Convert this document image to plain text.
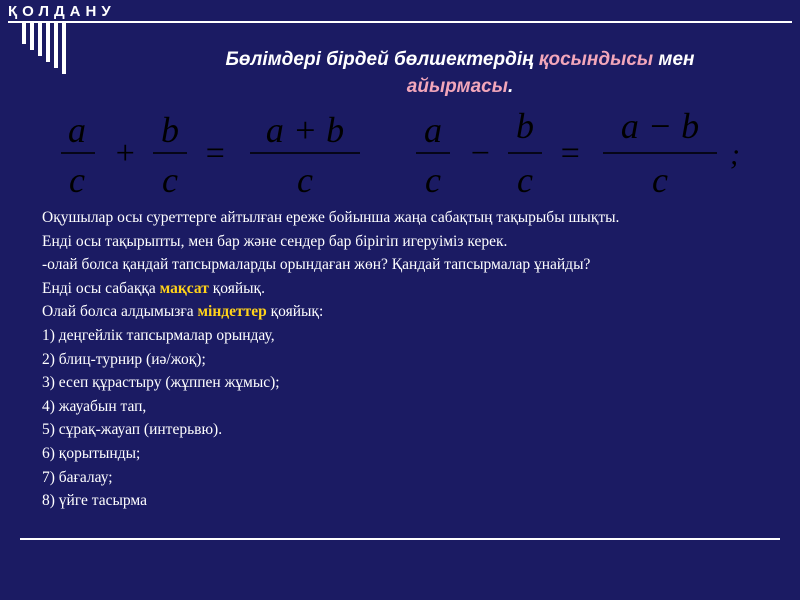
ҚОЛДАНУ
Бөлімдері бірдей бөлшектердің қосындысы мен
айырмасы.
a
c
+
b
c
=
a + b
c
a
c
−
b
c
=
a − b
c
;
Оқушылар осы суреттерге айтылған ереже бойынша жаңа сабақтың тақырыбы шықты.
Енді осы тақырыпты, мен бар және сендер бар бірігіп игеруіміз керек.
-олай болса қандай тапсырмаларды орындаған жөн? Қандай тапсырмалар ұнайды?
Енді осы сабаққа мақсат қояйық.
Олай болса алдымызға міндеттер қояйық:
1) деңгейлік тапсырмалар орындау,
2) блиц-турнир (иә/жоқ);
3) есеп құрастыру (жұппен жұмыс);
4) жауабын тап,
5) сұрақ-жауап (интерьвю).
6) қорытынды;
7) бағалау;
8) үйге тасырма
